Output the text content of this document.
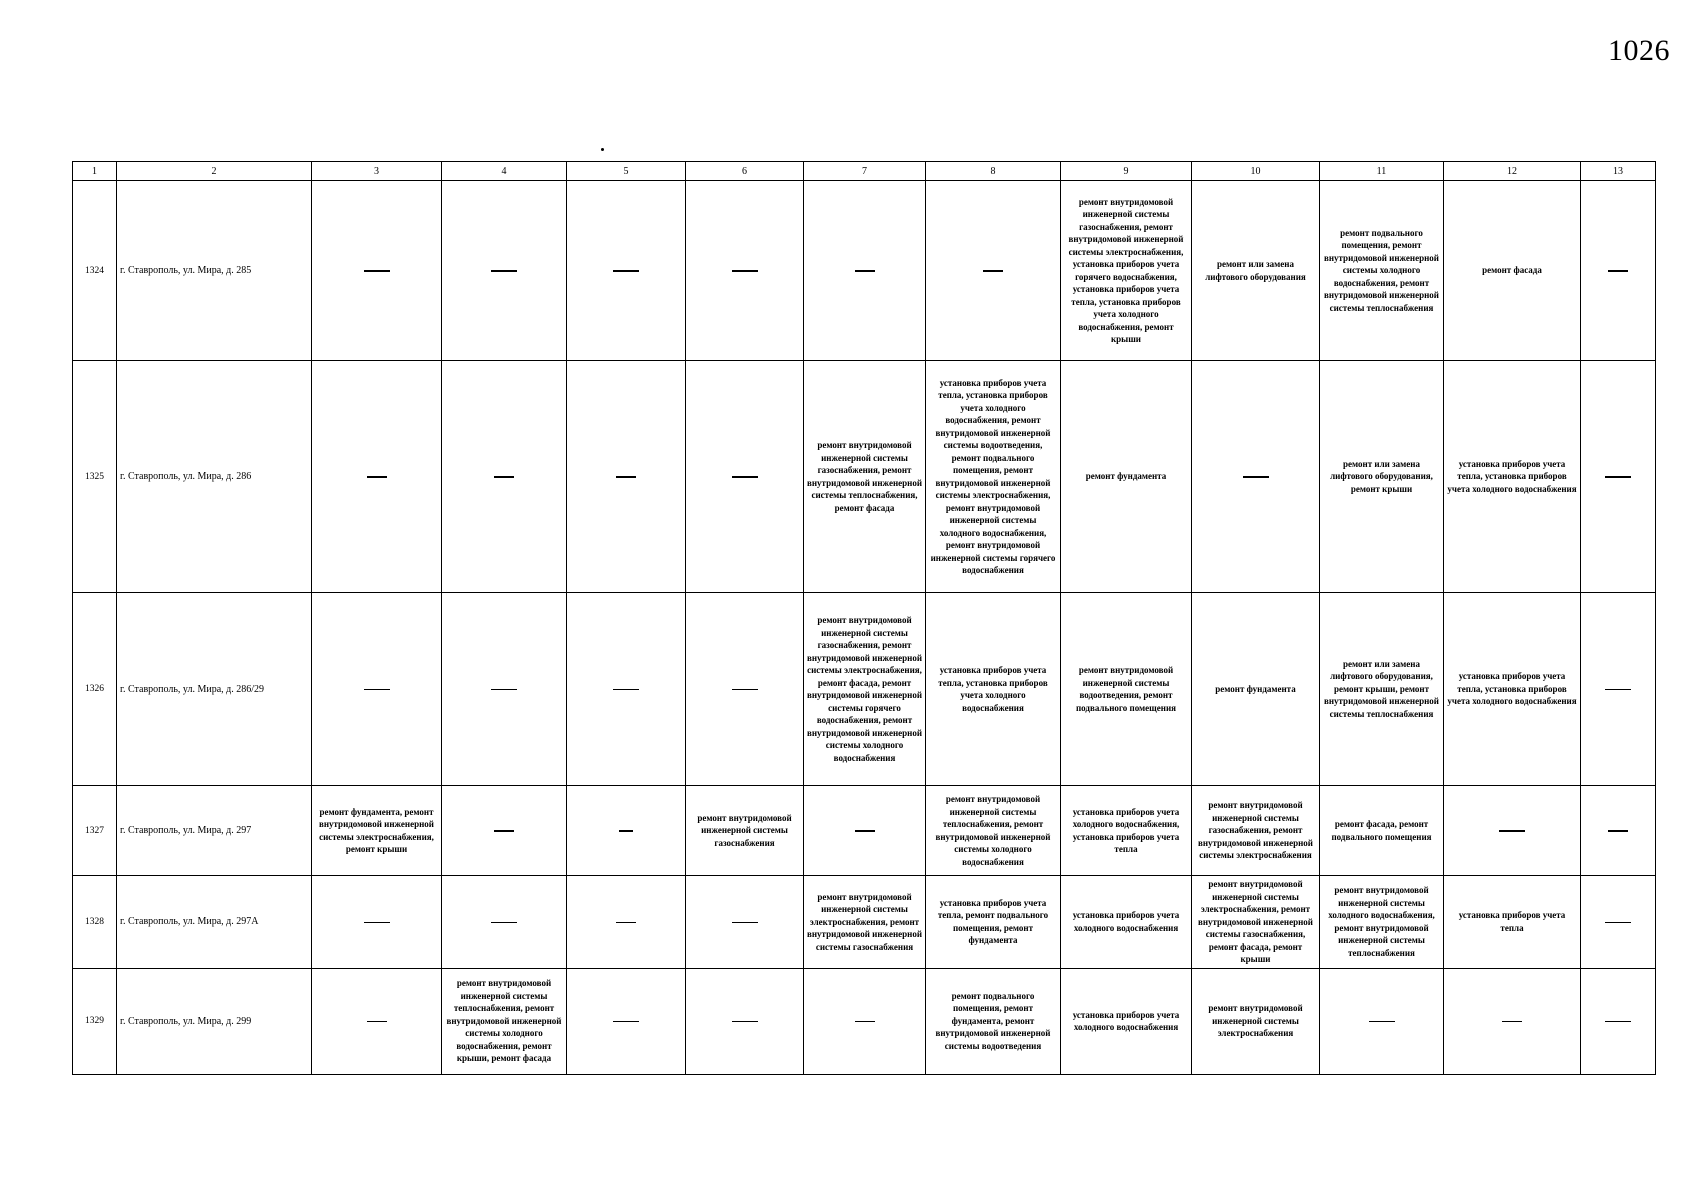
1026
1	2	3	4	5	6	7	8	9	10	11	12	13
1324	г. Ставрополь, ул. Мира, д. 285							ремонт внутридомовой инженерной системы газоснабжения, ремонт внутридомовой инженерной системы электроснабжения, установка приборов учета горячего водоснабжения, установка приборов учета тепла, установка приборов учета холодного водоснабжения, ремонт крыши	ремонт или замена лифтового оборудования	ремонт подвального помещения, ремонт внутридомовой инженерной системы холодного водоснабжения, ремонт внутридомовой инженерной системы теплоснабжения	ремонт фасада	
1325	г. Ставрополь, ул. Мира, д. 286					ремонт внутридомовой инженерной системы газоснабжения, ремонт внутридомовой инженерной системы теплоснабжения, ремонт фасада	установка приборов учета тепла, установка приборов учета холодного водоснабжения, ремонт внутридомовой инженерной системы водоотведения, ремонт подвального помещения, ремонт внутридомовой инженерной системы электроснабжения, ремонт внутридомовой инженерной системы холодного водоснабжения, ремонт внутридомовой инженерной системы горячего водоснабжения	ремонт фундамента		ремонт или замена лифтового оборудования, ремонт крыши	установка приборов учета тепла, установка приборов учета холодного водоснабжения	
1326	г. Ставрополь, ул. Мира, д. 286/29					ремонт внутридомовой инженерной системы газоснабжения, ремонт внутридомовой инженерной системы электроснабжения, ремонт фасада, ремонт внутридомовой инженерной системы горячего водоснабжения, ремонт внутридомовой инженерной системы холодного водоснабжения	установка приборов учета тепла, установка приборов учета холодного водоснабжения	ремонт внутридомовой инженерной системы водоотведения, ремонт подвального помещения	ремонт фундамента	ремонт или замена лифтового оборудования, ремонт крыши, ремонт внутридомовой инженерной системы теплоснабжения	установка приборов учета тепла, установка приборов учета холодного водоснабжения	
1327	г. Ставрополь, ул. Мира, д. 297	ремонт фундамента, ремонт внутридомовой инженерной системы электроснабжения, ремонт крыши			ремонт внутридомовой инженерной системы газоснабжения		ремонт внутридомовой инженерной системы теплоснабжения, ремонт внутридомовой инженерной системы холодного водоснабжения	установка приборов учета холодного водоснабжения, установка приборов учета тепла	ремонт внутридомовой инженерной системы газоснабжения, ремонт внутридомовой инженерной системы электроснабжения	ремонт фасада, ремонт подвального помещения		
1328	г. Ставрополь, ул. Мира, д. 297А					ремонт внутридомовой инженерной системы электроснабжения, ремонт внутридомовой инженерной системы газоснабжения	установка приборов учета тепла, ремонт подвального помещения, ремонт фундамента	установка приборов учета холодного водоснабжения	ремонт внутридомовой инженерной системы электроснабжения, ремонт внутридомовой инженерной системы газоснабжения, ремонт фасада, ремонт крыши	ремонт внутридомовой инженерной системы холодного водоснабжения, ремонт внутридомовой инженерной системы теплоснабжения	установка приборов учета тепла	
1329	г. Ставрополь, ул. Мира, д. 299		ремонт внутридомовой инженерной системы теплоснабжения, ремонт внутридомовой инженерной системы холодного водоснабжения, ремонт крыши, ремонт фасада				ремонт подвального помещения, ремонт фундамента, ремонт внутридомовой инженерной системы водоотведения	установка приборов учета холодного водоснабжения	ремонт внутридомовой инженерной системы электроснабжения			
